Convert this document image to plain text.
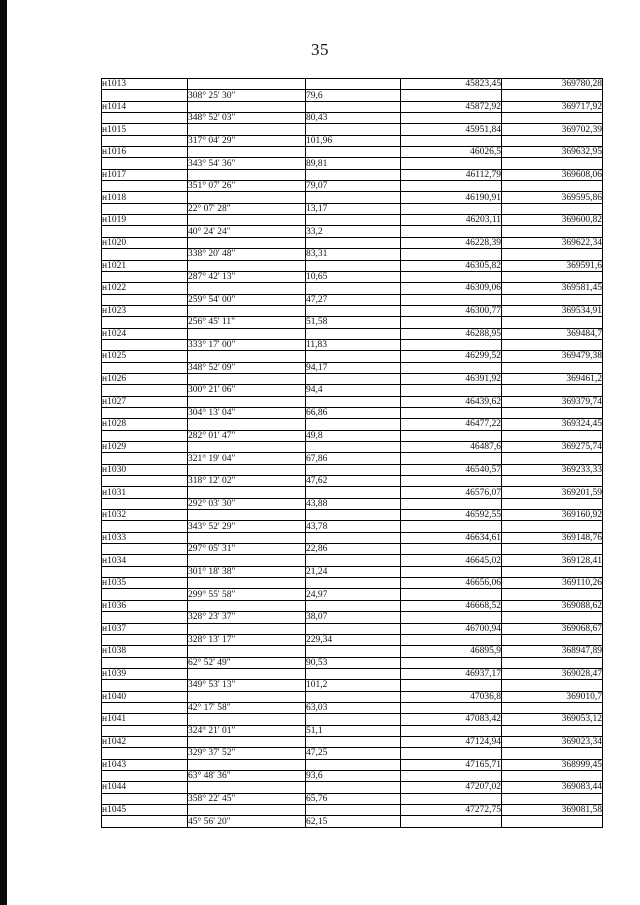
35
н1013			45823,45	369780,28
	308° 25' 30"	79,6		
н1014			45872,92	369717,92
	348° 52' 03"	80,43		
н1015			45951,84	369702,39
	317° 04' 29"	101,96		
н1016			46026,5	369632,95
	343° 54' 36"	89,81		
н1017			46112,79	369608,06
	351° 07' 26"	79,07		
н1018			46190,91	369595,86
	22° 07' 28"	13,17		
н1019			46203,11	369600,82
	40° 24' 24"	33,2		
н1020			46228,39	369622,34
	338° 20' 48"	83,31		
н1021			46305,82	369591,6
	287° 42' 13"	10,65		
н1022			46309,06	369581,45
	259° 54' 00"	47,27		
н1023			46300,77	369534,91
	256° 45' 11"	51,58		
н1024			46288,95	369484,7
	333° 17' 00"	11,83		
н1025			46299,52	369479,38
	348° 52' 09"	94,17		
н1026			46391,92	369461,2
	300° 21' 06"	94,4		
н1027			46439,62	369379,74
	304° 13' 04"	66,86		
н1028			46477,22	369324,45
	282° 01' 47"	49,8		
н1029			46487,6	369275,74
	321° 19' 04"	67,86		
н1030			46540,57	369233,33
	318° 12' 02"	47,62		
н1031			46576,07	369201,59
	292° 03' 30"	43,88		
н1032			46592,55	369160,92
	343° 52' 29"	43,78		
н1033			46634,61	369148,76
	297° 05' 31"	22,86		
н1034			46645,02	369128,41
	301° 18' 38"	21,24		
н1035			46656,06	369110,26
	299° 55' 58"	24,97		
н1036			46668,52	369088,62
	328° 23' 37"	38,07		
н1037			46700,94	369068,67
	328° 13' 17"	229,34		
н1038			46895,9	368947,89
	62° 52' 49"	90,53		
н1039			46937,17	369028,47
	349° 53' 13"	101,2		
н1040			47036,8	369010,7
	42° 17' 58"	63,03		
н1041			47083,42	369053,12
	324° 21' 01"	51,1		
н1042			47124,94	369023,34
	329° 37' 52"	47,25		
н1043			47165,71	368999,45
	63° 48' 36"	93,6		
н1044			47207,02	369083,44
	358° 22' 45"	65,76		
н1045			47272,75	369081,58
	45° 56' 20"	62,15		
